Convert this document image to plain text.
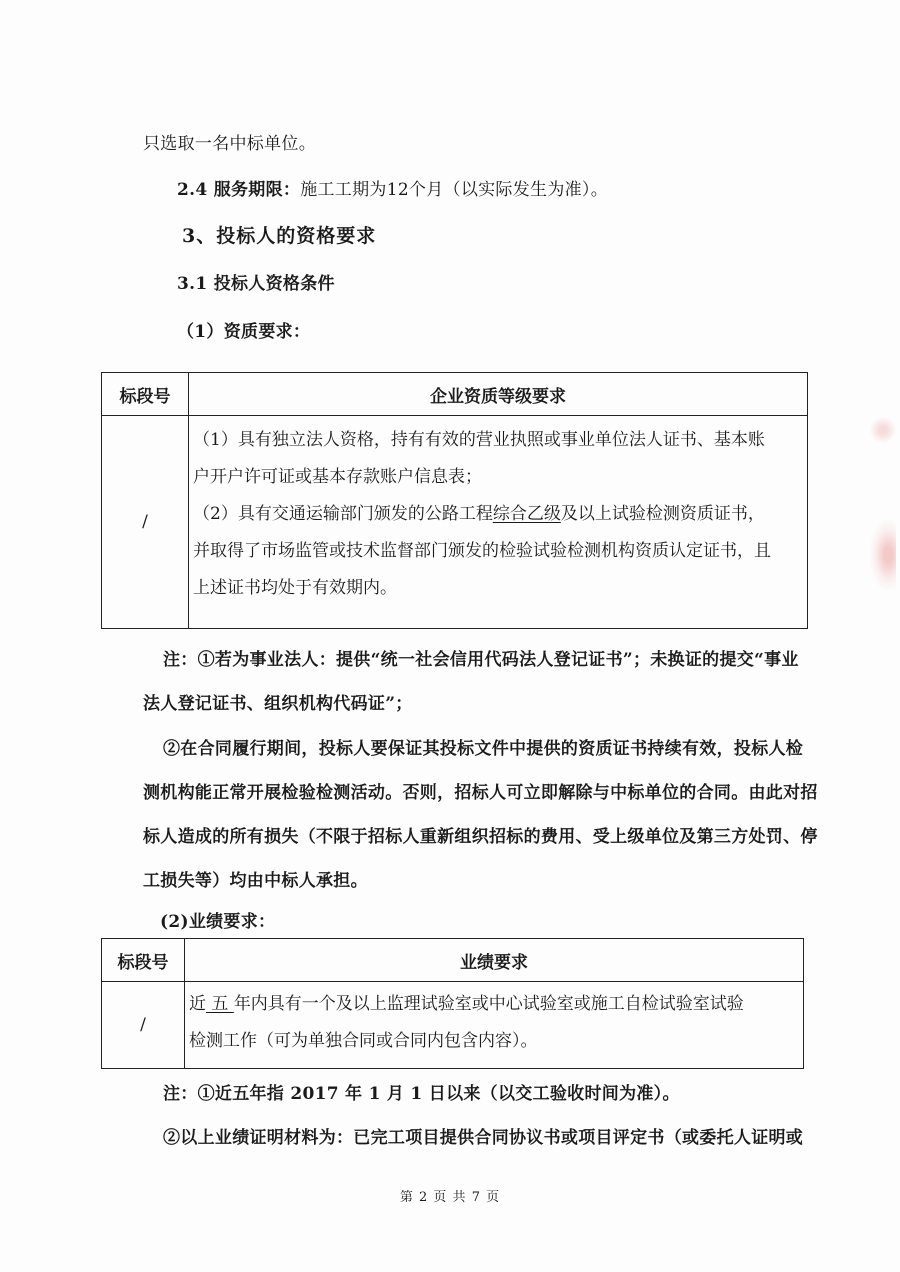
只选取一名中标单位。
2.4 服务期限：施工工期为12个月（以实际发生为准）。
3、投标人的资格要求
3.1 投标人资格条件
（1）资质要求：
标段号	企业资质等级要求
/	（1）具有独立法人资格，持有有效的营业执照或事业单位法人证书、基本账
户开户许可证或基本存款账户信息表；
（2）具有交通运输部门颁发的公路工程综合乙级及以上试验检测资质证书，
并取得了市场监管或技术监督部门颁发的检验试验检测机构资质认定证书，且
上述证书均处于有效期内。
注：①若为事业法人：提供“统一社会信用代码法人登记证书”；未换证的提交“事业
法人登记证书、组织机构代码证”；
②在合同履行期间，投标人要保证其投标文件中提供的资质证书持续有效，投标人检
测机构能正常开展检验检测活动。否则，招标人可立即解除与中标单位的合同。由此对招
标人造成的所有损失（不限于招标人重新组织招标的费用、受上级单位及第三方处罚、停
工损失等）均由中标人承担。
(2)业绩要求：
标段号	业绩要求
/	近 五 年内具有一个及以上监理试验室或中心试验室或施工自检试验室试验
检测工作（可为单独合同或合同内包含内容）。
注：①近五年指 2017 年 1 月 1 日以来（以交工验收时间为准）。
②以上业绩证明材料为：已完工项目提供合同协议书或项目评定书（或委托人证明或
第 2 页 共 7 页
